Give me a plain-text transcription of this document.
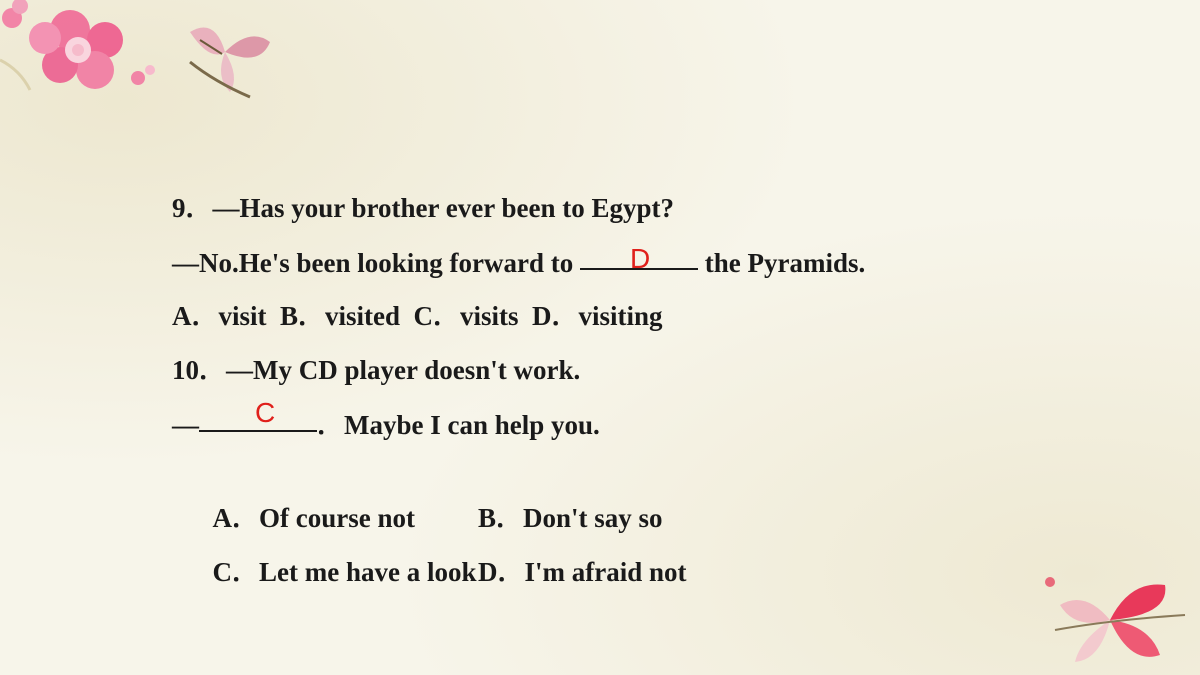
9．—Has your brother ever been to Egypt?
—No.He's been looking forward to D the Pyramids.
A．visit  B．visited  C．visits  D．visiting
10．—My CD player doesn't work.
— C ．Maybe I can help you.

A．Of course not B．Don't say so

C．Let me have a look D．I'm afraid not
